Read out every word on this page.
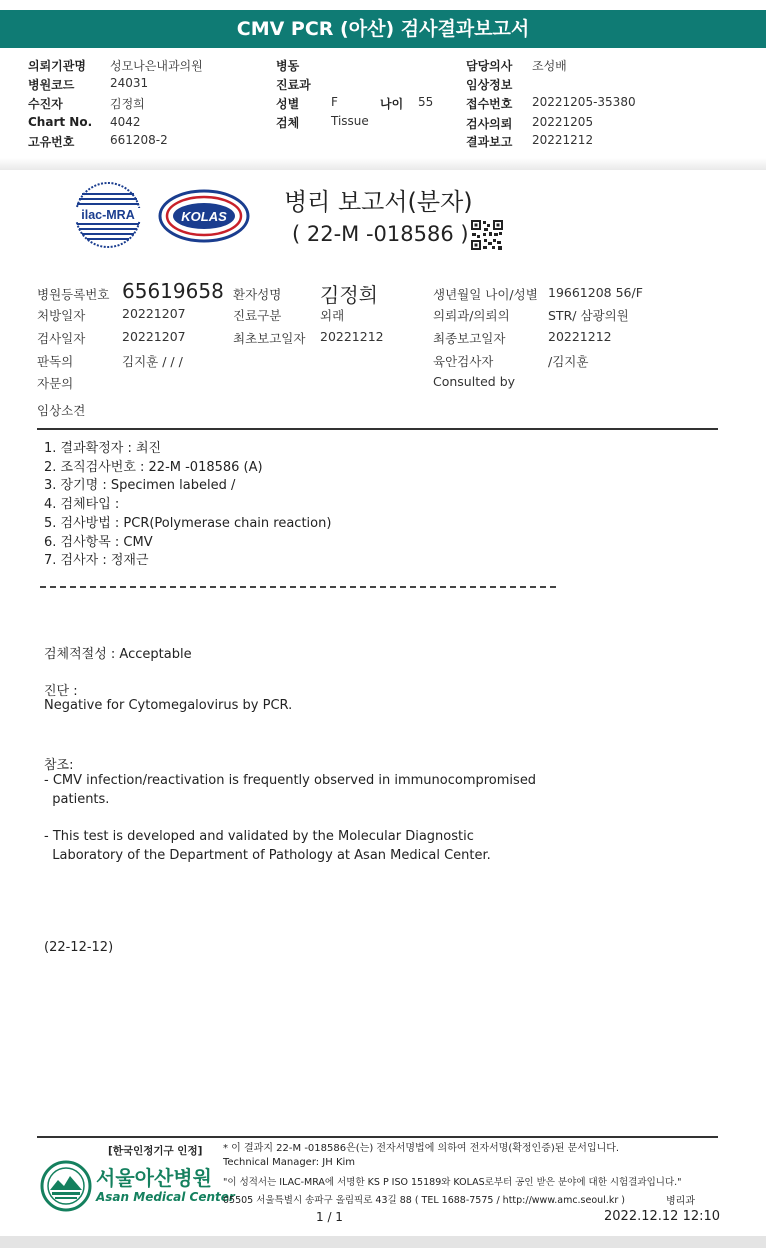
CMV PCR (아산) 검사결과보고서
의뢰기관명 성모나은내과의원
병원코드	24031
수진자	김정희
Chart No. 4042
고유번호	661208-2
병동
진료과
성별	F	나이 55
검체	Tissue
담당의사 조성배
임상정보
접수번호 20221205-35380
검사의뢰 20221205
결과보고 20221212
ilac-MRA	KOLAS
병리 보고서(분자)
( 22-M -018586 )
병원등록번호 65619658 환자성명 김정희	생년월일 나이/성별 19661208 56/F
처방일자	20221207	진료구분	외래	의뢰과/의뢰의	STR/ 삼광의원
검사일자	20221207	최초보고일자 20221212	최종보고일자	20221212
판독의	김지훈 / / /	육안검사자	/김지훈
자문의	Consulted by
임상소견
1. 결과확정자 : 최진
2. 조직검사번호 : 22-M -018586 (A)
3. 장기명 : Specimen labeled /
4. 검체타입 :
5. 검사방법 : PCR(Polymerase chain reaction)
6. 검사항목 : CMV
7. 검사자 : 정재근
검체적절성 : Acceptable
진단 :
Negative for Cytomegalovirus by PCR.
참조:
- CMV infection/reactivation is frequently observed in immunocompromised
patients.
- This test is developed and validated by the Molecular Diagnostic
Laboratory of the Department of Pathology at Asan Medical Center.
(22-12-12)
[한국인정기구 인정]
서울아산병원
Asan Medical Center
* 이 결과지 22-M -018586은(는) 전자서명법에 의하여 전자서명(확정인증)된 문서입니다.
Technical Manager: JH Kim
"이 성적서는 ILAC-MRA에 서명한 KS P ISO 15189와 KOLAS로부터 공인 받은 분야에 대한 시험결과입니다."
05505 서울특별시 송파구 올림픽로 43길 88 ( TEL 1688-7575 / http://www.amc.seoul.kr )	병리과
1 / 1	2022.12.12 12:10
